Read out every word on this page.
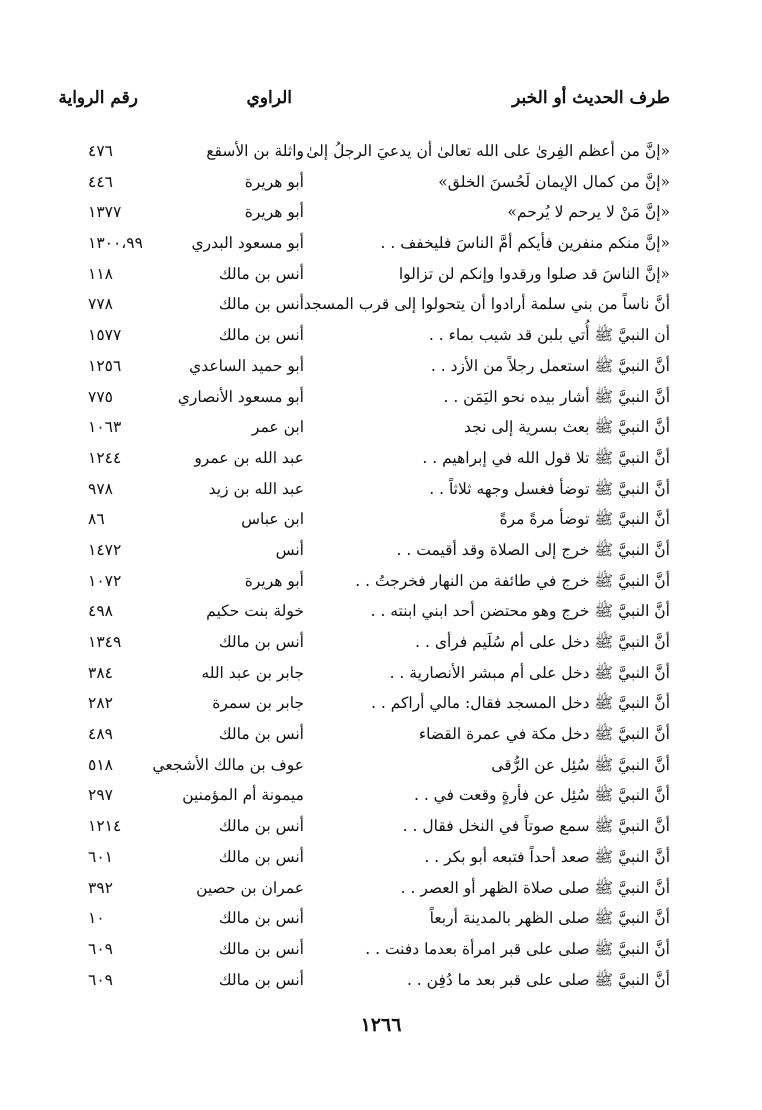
طرف الحديث أو الخبر
الراوي
رقم الرواية
«إنَّ من أعظم الفِرىٰ على الله تعالىٰ أن يدعيَ الرجلُ إلىٰ . .
واثلة بن الأسقع
٤٧٦
«إنَّ من كمال الإيمان لَحُسنَ الخلق»
أبو هريرة
٤٤٦
«إنَّ مَنْ لا يرحم لا يُرحم»
أبو هريرة
١٣٧٧
«إنَّ منكم منفرين فأيكم أمَّ الناسَ فليخفف . .
أبو مسعود البدري
١٣٠٠،٩٩
«إنَّ الناسَ قد صلوا ورقدوا وإنكم لن تزالوا
أنس بن مالك
١١٨
أنَّ ناساً من بني سلمة أرادوا أن يتحولوا إلى قرب المسجد
أنس بن مالك
٧٧٨
أن النبيَّ ﷺ أُتي بلبن قد شيب بماء . .
أنس بن مالك
١٥٧٧
أنَّ النبيَّ ﷺ استعمل رجلاً من الأزد . .
أبو حميد الساعدي
١٢٥٦
أنَّ النبيَّ ﷺ أشار بيده نحو اليَمَن . .
أبو مسعود الأنصاري
٧٧٥
أنَّ النبيَّ ﷺ بعث بسرية إلى نجد
ابن عمر
١٠٦٣
أنَّ النبيَّ ﷺ تلا قول الله في إبراهيم . .
عبد الله بن عمرو
١٢٤٤
أنَّ النبيَّ ﷺ توضأ فغسل وجهه ثلاثاً . .
عبد الله بن زيد
٩٧٨
أنَّ النبيَّ ﷺ توضأ مرةً مرةً
ابن عباس
٨٦
أنَّ النبيَّ ﷺ خرج إلى الصلاة وقد أقيمت . .
أنس
١٤٧٢
أنَّ النبيَّ ﷺ خرج في طائفة من النهار فخرجتُ . .
أبو هريرة
١٠٧٢
أنَّ النبيَّ ﷺ خرج وهو محتضن أحد ابني ابنته . .
خولة بنت حكيم
٤٩٨
أنَّ النبيَّ ﷺ دخل على أم سُلَيم فرأى . .
أنس بن مالك
١٣٤٩
أنَّ النبيَّ ﷺ دخل على أم مبشر الأنصارية . .
جابر بن عبد الله
٣٨٤
أنَّ النبيَّ ﷺ دخل المسجد فقال: مالي أراكم . .
جابر بن سمرة
٢٨٢
أنَّ النبيَّ ﷺ دخل مكة في عمرة القضاء
أنس بن مالك
٤٨٩
أنَّ النبيَّ ﷺ سُئِل عن الرُّقى
عوف بن مالك الأشجعي
٥١٨
أنَّ النبيَّ ﷺ سُئِل عن فأرةٍ وقعت في . .
ميمونة أم المؤمنين
٢٩٧
أنَّ النبيَّ ﷺ سمع صوتاً في النخل فقال . .
أنس بن مالك
١٢١٤
أنَّ النبيَّ ﷺ صعد أحداً فتبعه أبو بكر . .
أنس بن مالك
٦٠١
أنَّ النبيَّ ﷺ صلى صلاة الظهر أو العصر . .
عمران بن حصين
٣٩٢
أنَّ النبيَّ ﷺ صلى الظهر بالمدينة أربعاً
أنس بن مالك
١٠
أنَّ النبيَّ ﷺ صلى على قبر امرأة بعدما دفنت . .
أنس بن مالك
٦٠٩
أنَّ النبيَّ ﷺ صلى على قبر بعد ما دُفِن . .
أنس بن مالك
٦٠٩
١٢٦٦
